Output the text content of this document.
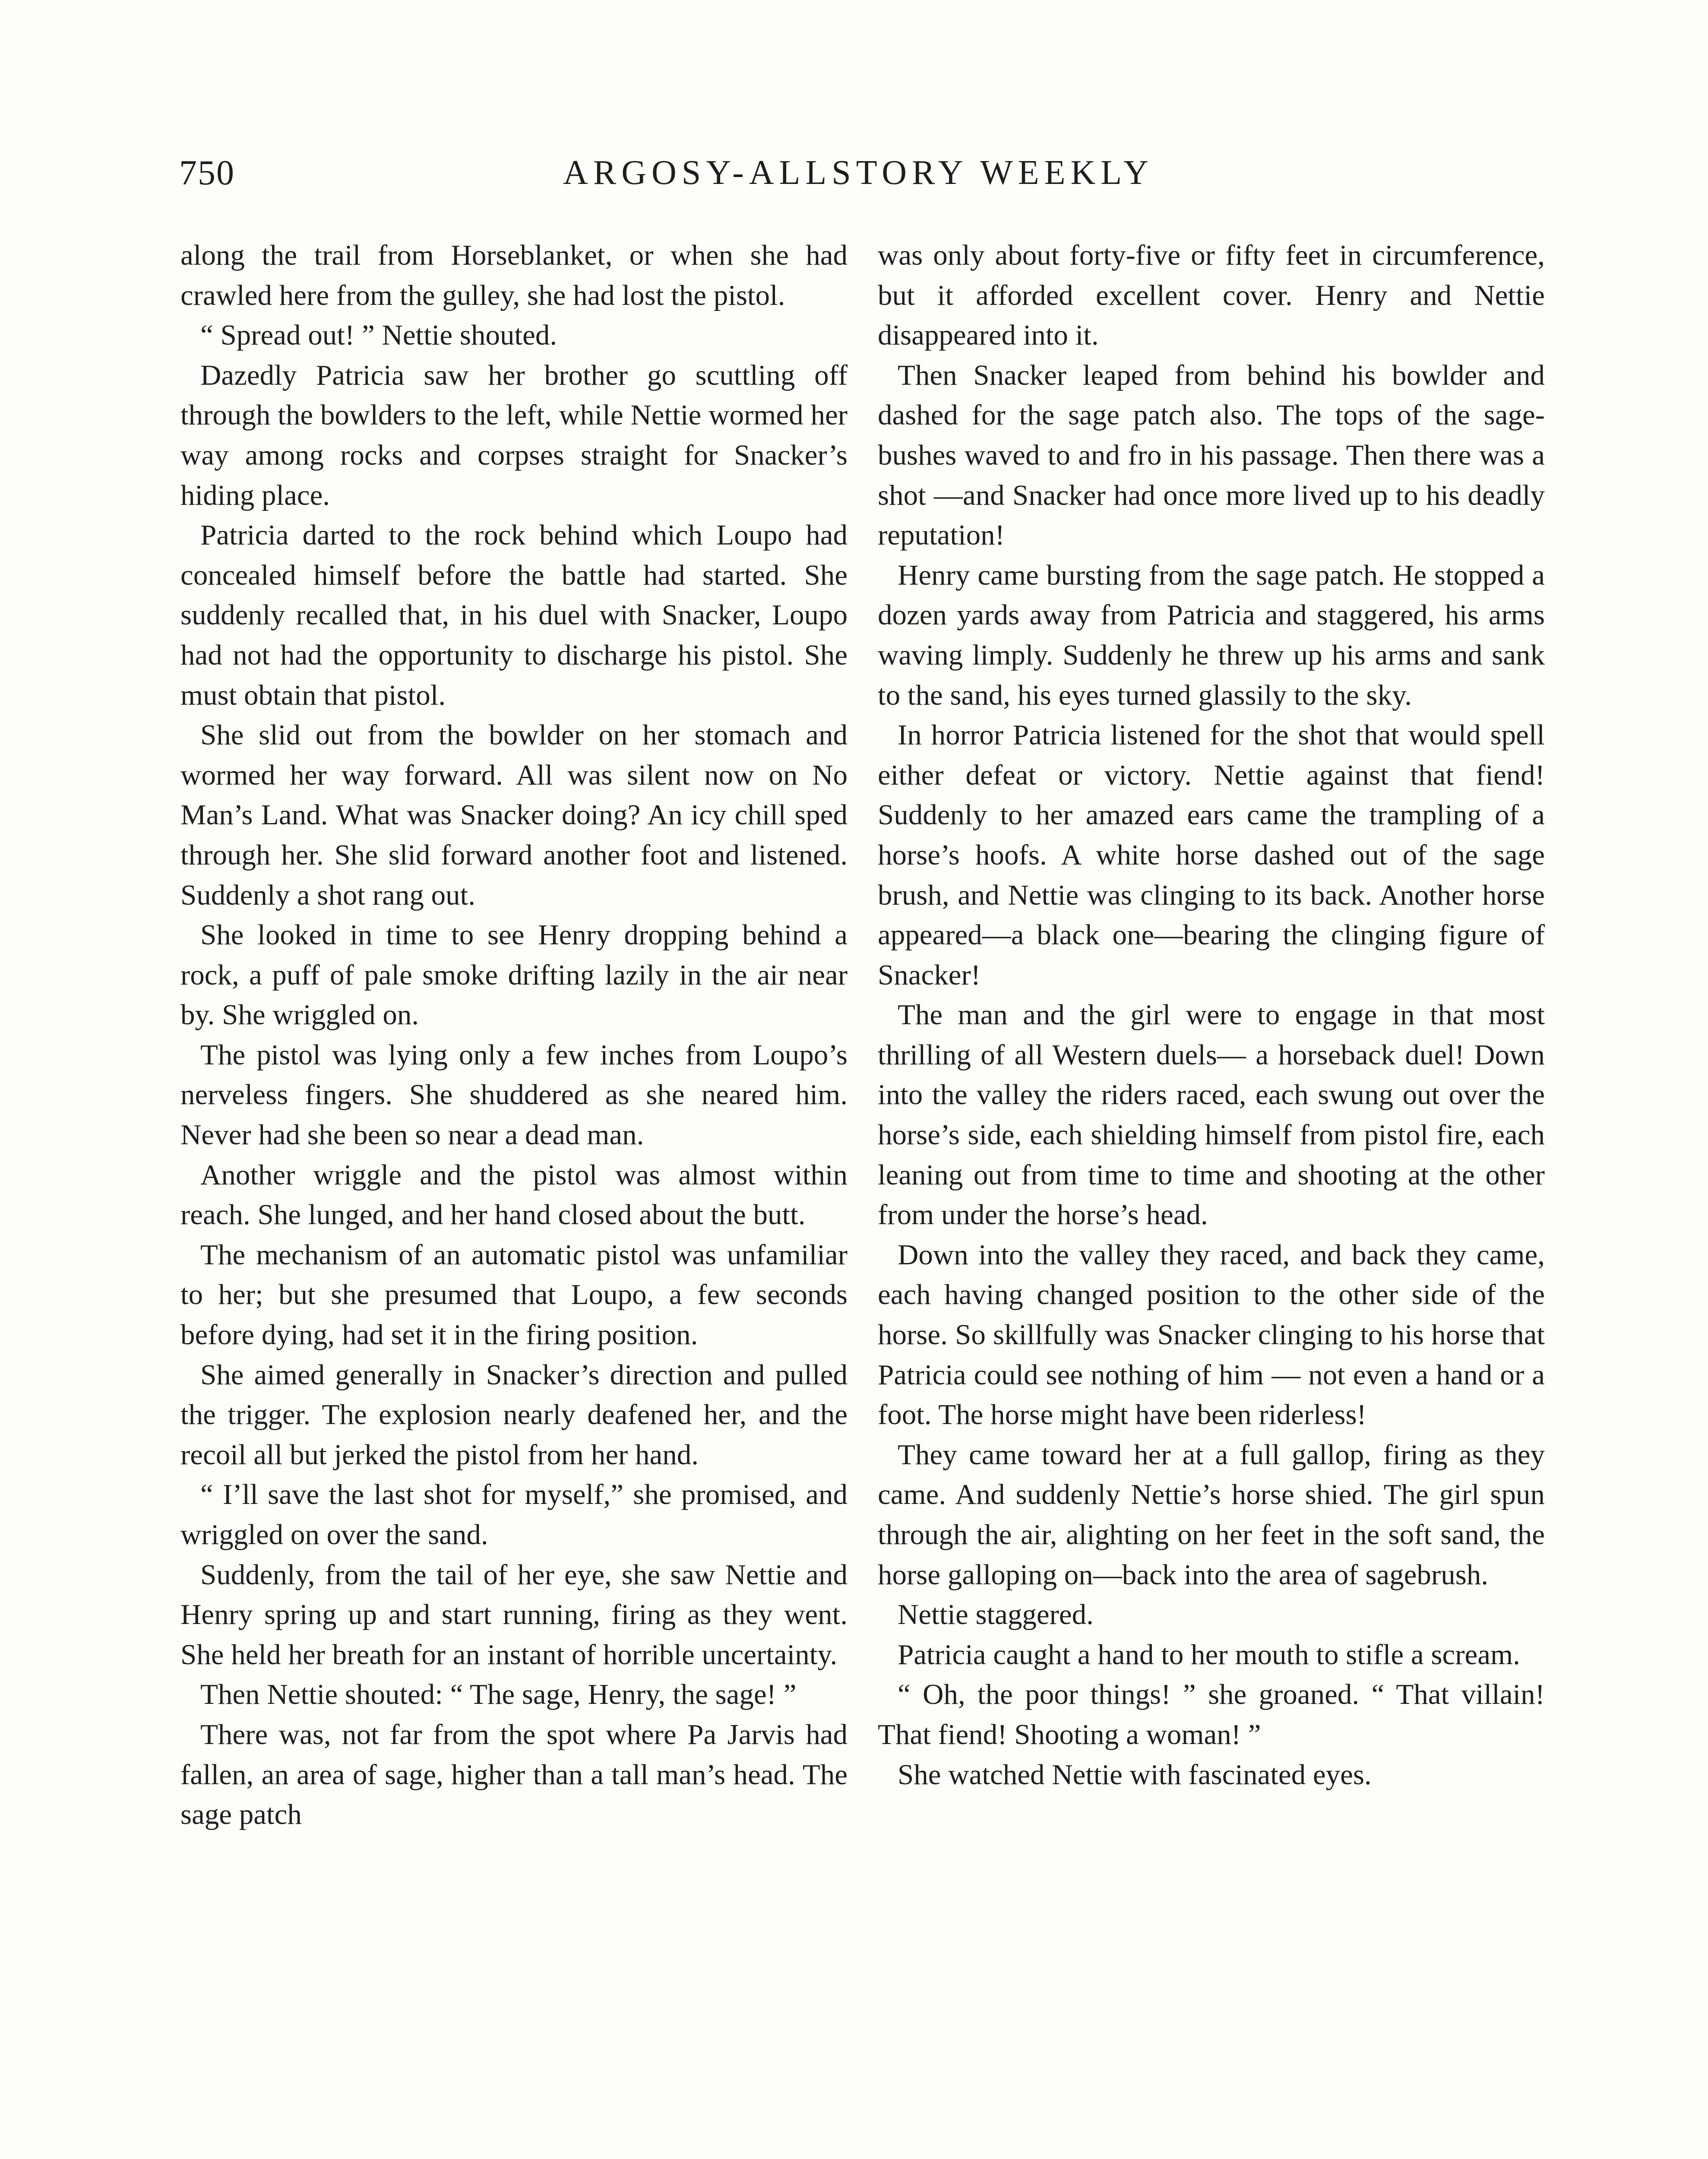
750	ARGOSY-ALLSTORY WEEKLY

along the trail from Horseblanket, or when she had crawled here from the gulley, she had lost the pistol.

“ Spread out! ” Nettie shouted.

Dazedly Patricia saw her brother go scuttling off through the bowlders to the left, while Nettie wormed her way among rocks and corpses straight for Snacker’s hiding place.

Patricia darted to the rock behind which Loupo had concealed himself before the battle had started. She suddenly recalled that, in his duel with Snacker, Loupo had not had the opportunity to discharge his pistol. She must obtain that pistol.

She slid out from the bowlder on her stomach and wormed her way forward. All was silent now on No Man’s Land. What was Snacker doing? An icy chill sped through her. She slid forward another foot and listened. Suddenly a shot rang out.

She looked in time to see Henry dropping behind a rock, a puff of pale smoke drifting lazily in the air near by. She wriggled on.

The pistol was lying only a few inches from Loupo’s nerveless fingers. She shuddered as she neared him. Never had she been so near a dead man.

Another wriggle and the pistol was almost within reach. She lunged, and her hand closed about the butt.

The mechanism of an automatic pistol was unfamiliar to her; but she presumed that Loupo, a few seconds before dying, had set it in the firing position.

She aimed generally in Snacker’s direction and pulled the trigger. The explosion nearly deafened her, and the recoil all but jerked the pistol from her hand.

“ I’ll save the last shot for myself,” she promised, and wriggled on over the sand.

Suddenly, from the tail of her eye, she saw Nettie and Henry spring up and start running, firing as they went. She held her breath for an instant of horrible uncertainty.

Then Nettie shouted: “ The sage, Henry, the sage! ”

There was, not far from the spot where Pa Jarvis had fallen, an area of sage, higher than a tall man’s head. The sage patch

was only about forty-five or fifty feet in circumference, but it afforded excellent cover. Henry and Nettie disappeared into it.

Then Snacker leaped from behind his bowlder and dashed for the sage patch also. The tops of the sage-bushes waved to and fro in his passage. Then there was a shot —and Snacker had once more lived up to his deadly reputation!

Henry came bursting from the sage patch. He stopped a dozen yards away from Patricia and staggered, his arms waving limply. Suddenly he threw up his arms and sank to the sand, his eyes turned glassily to the sky.

In horror Patricia listened for the shot that would spell either defeat or victory. Nettie against that fiend! Suddenly to her amazed ears came the trampling of a horse’s hoofs. A white horse dashed out of the sage brush, and Nettie was clinging to its back. Another horse appeared—a black one—bearing the clinging figure of Snacker!

The man and the girl were to engage in that most thrilling of all Western duels— a horseback duel! Down into the valley the riders raced, each swung out over the horse’s side, each shielding himself from pistol fire, each leaning out from time to time and shooting at the other from under the horse’s head.

Down into the valley they raced, and back they came, each having changed position to the other side of the horse. So skillfully was Snacker clinging to his horse that Patricia could see nothing of him — not even a hand or a foot. The horse might have been riderless!

They came toward her at a full gallop, firing as they came. And suddenly Nettie’s horse shied. The girl spun through the air, alighting on her feet in the soft sand, the horse galloping on—back into the area of sagebrush.

Nettie staggered.

Patricia caught a hand to her mouth to stifle a scream.

“ Oh, the poor things! ” she groaned. “ That villain! That fiend! Shooting a woman! ”

She watched Nettie with fascinated eyes.
